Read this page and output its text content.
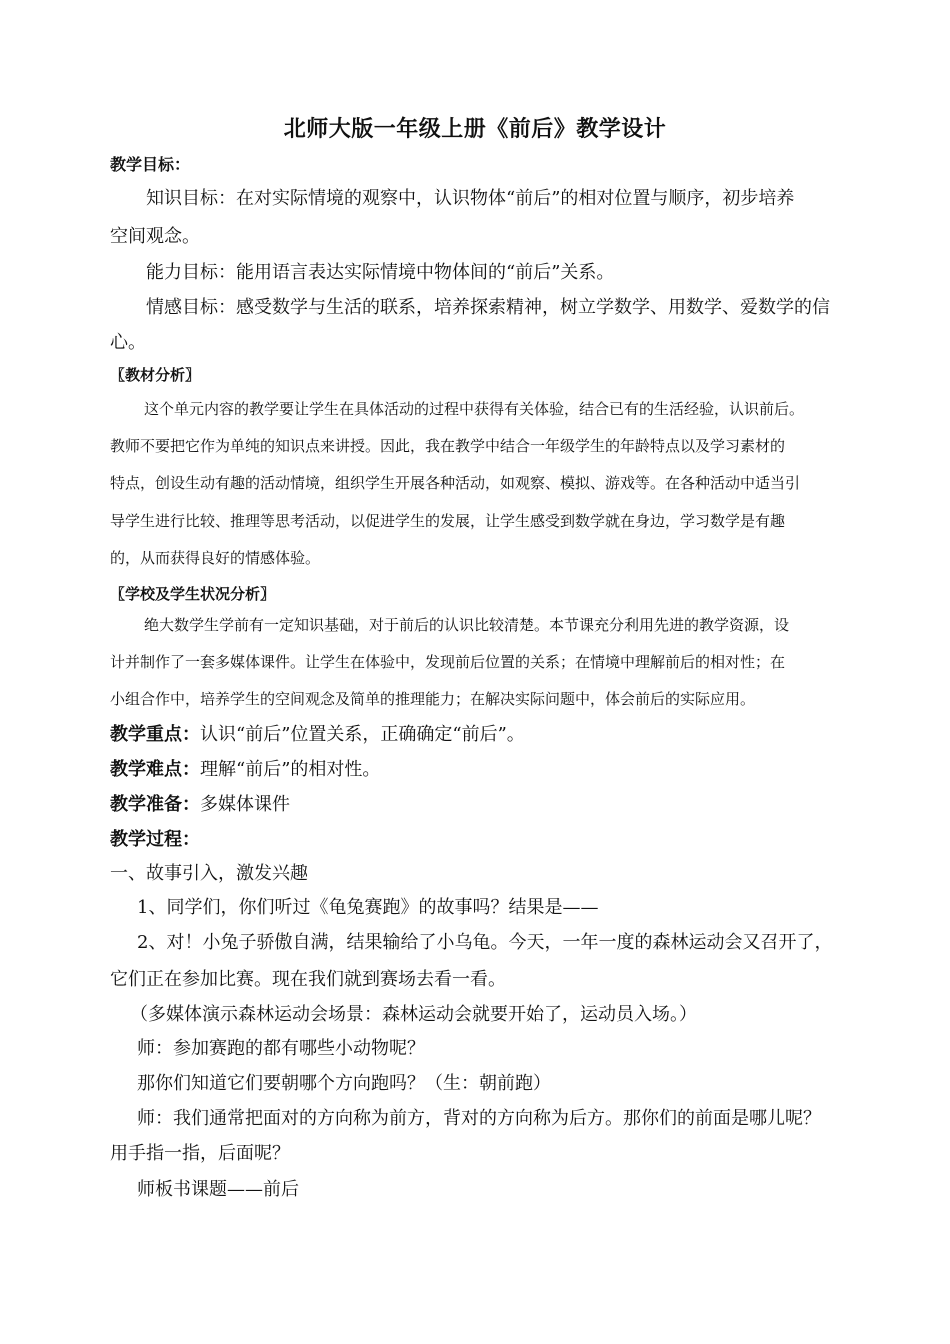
北师大版一年级上册《前后》教学设计
教学目标：
知识目标：在对实际情境的观察中，认识物体“前后”的相对位置与顺序，初步培养
空间观念。
能力目标：能用语言表达实际情境中物体间的“前后”关系。
情感目标：感受数学与生活的联系，培养探索精神，树立学数学、用数学、爱数学的信
心。
〖教材分析〗
这个单元内容的教学要让学生在具体活动的过程中获得有关体验，结合已有的生活经验，认识前后。
教师不要把它作为单纯的知识点来讲授。因此，我在教学中结合一年级学生的年龄特点以及学习素材的
特点，创设生动有趣的活动情境，组织学生开展各种活动，如观察、模拟、游戏等。在各种活动中适当引
导学生进行比较、推理等思考活动，以促进学生的发展，让学生感受到数学就在身边，学习数学是有趣
的，从而获得良好的情感体验。
〖学校及学生状况分析〗
绝大数学生学前有一定知识基础，对于前后的认识比较清楚。本节课充分利用先进的教学资源，设
计并制作了一套多媒体课件。让学生在体验中，发现前后位置的关系；在情境中理解前后的相对性；在
小组合作中，培养学生的空间观念及简单的推理能力；在解决实际问题中，体会前后的实际应用。
教学重点：认识“前后”位置关系，正确确定“前后”。
教学难点：理解“前后”的相对性。
教学准备：多媒体课件
教学过程：
一、故事引入，激发兴趣
1、同学们，你们听过《龟兔赛跑》的故事吗？结果是——
2、对！小兔子骄傲自满，结果输给了小乌龟。今天，一年一度的森林运动会又召开了，
它们正在参加比赛。现在我们就到赛场去看一看。
（多媒体演示森林运动会场景：森林运动会就要开始了，运动员入场。）
师：参加赛跑的都有哪些小动物呢？
那你们知道它们要朝哪个方向跑吗？（生：朝前跑）
师：我们通常把面对的方向称为前方，背对的方向称为后方。那你们的前面是哪儿呢？
用手指一指，后面呢？
师板书课题——前后
